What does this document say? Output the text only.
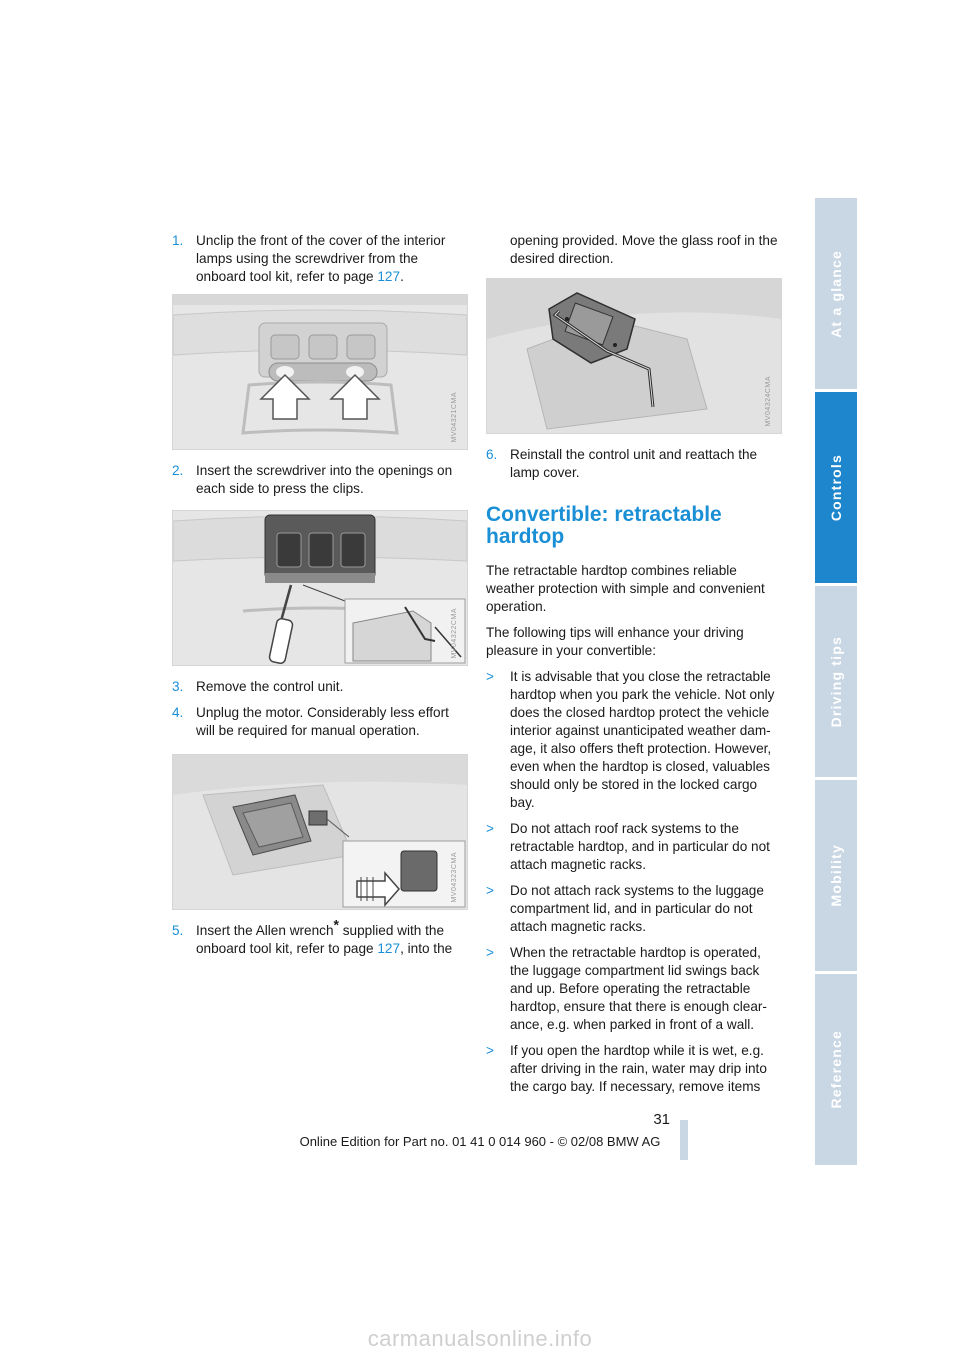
1. Unclip the front of the cover of the interior lamps using the screwdriver from the onboard tool kit, refer to page 127.
MV04321CMA
2. Insert the screwdriver into the openings on each side to press the clips.
MV04322CMA
3. Remove the control unit.
4. Unplug the motor. Considerably less effort will be required for manual operation.
MV04323CMA
5. Insert the Allen wrench* supplied with the onboard tool kit, refer to page 127, into the
opening provided. Move the glass roof in the desired direction.
MV04324CMA
6. Reinstall the control unit and reattach the lamp cover.
Convertible: retractable hardtop

The retractable hardtop combines reliable weather protection with simple and convenient operation.

The following tips will enhance your driving pleasure in your convertible:

> It is advisable that you close the retractable hardtop when you park the vehicle. Not only does the closed hardtop protect the vehicle interior against unanticipated weather dam-age, it also offers theft protection. However, even when the hardtop is closed, valuables should only be stored in the locked cargo bay.
> Do not attach roof rack systems to the retractable hardtop, and in particular do not attach magnetic racks.
> Do not attach rack systems to the luggage compartment lid, and in particular do not attach magnetic racks.
> When the retractable hardtop is operated, the luggage compartment lid swings back and up. Before operating the retractable hardtop, ensure that there is enough clear-ance, e.g. when parked in front of a wall.
> If you open the hardtop while it is wet, e.g. after driving in the rain, water may drip into the cargo bay. If necessary, remove items
At a glance
Controls
Driving tips
Mobility
Reference
31
Online Edition for Part no. 01 41 0 014 960 - © 02/08 BMW AG
carmanualsonline.info
